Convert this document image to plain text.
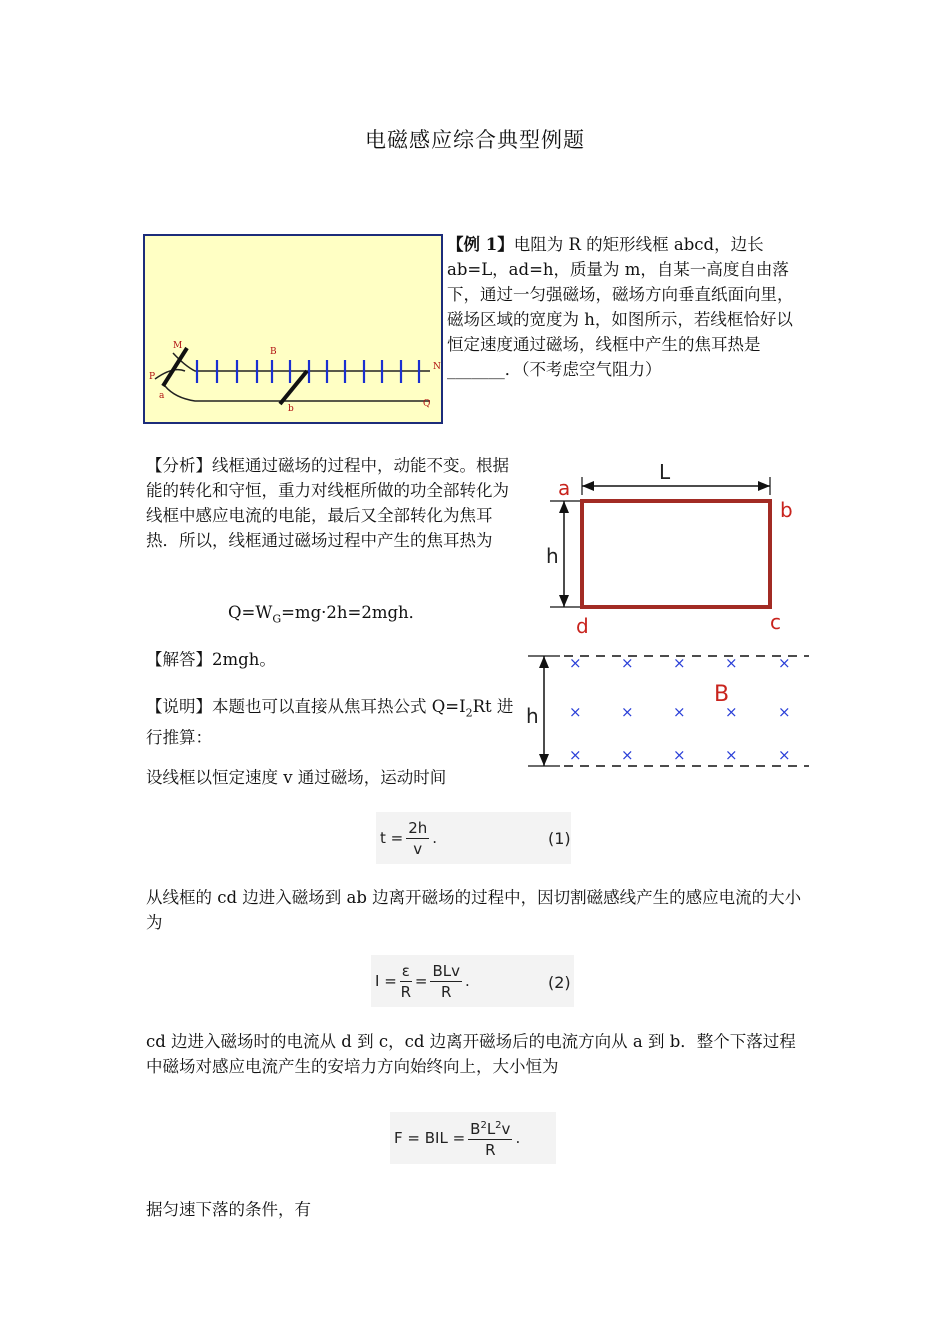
电磁感应综合典型例题
P
M
B
N
a
b	Q
【例 1】电阻为 R 的矩形线框 abcd，边长ab=L，ad=h，质量为 m，自某一高度自由落下，通过一匀强磁场，磁场方向垂直纸面向里，磁场区域的宽度为 h，如图所示，若线框恰好以恒定速度通过磁场，线框中产生的焦耳热是_______．（不考虑空气阻力）
【分析】线框通过磁场的过程中，动能不变。根据能的转化和守恒，重力对线框所做的功全部转化为线框中感应电流的电能，最后又全部转化为焦耳热．所以，线框通过磁场过程中产生的焦耳热为
$Q=W_G=mg\cdot 2h=2mgh$．
L
a
b
c
d
h
h
B
×	×	×	×	×
×	×	×	×	×
×	×	×	×	×
【解答】2mgh。
【说明】本题也可以直接从焦耳热公式 $Q=I_2Rt$ 进行推算：
设线框以恒定速度 v 通过磁场，运动时间
$t = \frac{2h}{v}$ .	(1)
从线框的 cd 边进入磁场到 ab 边离开磁场的过程中，因切割磁感线产生的感应电流的大小为
$I = \frac{\varepsilon}{R} = \frac{\text{BLv}}{R}$ .	(2)
cd 边进入磁场时的电流从 d 到 c，cd 边离开磁场后的电流方向从 a 到 b．整个下落过程中磁场对感应电流产生的安培力方向始终向上，大小恒为
F = BIL = $\frac{B^2L^2v}{R}$ .
据匀速下落的条件，有
